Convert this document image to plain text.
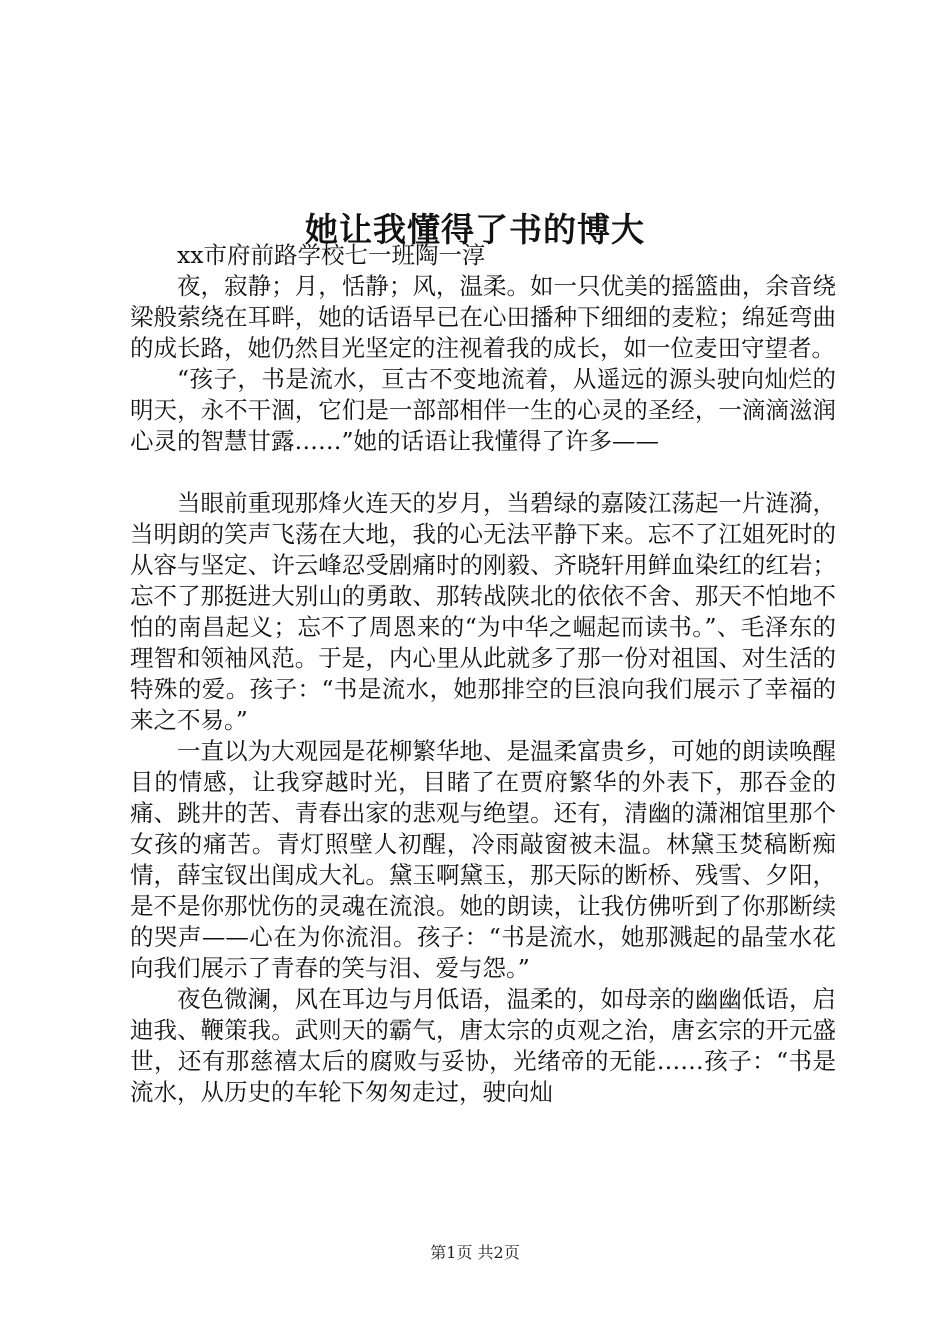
她让我懂得了书的博大

xx市府前路学校七一班陶一淳

夜，寂静；月，恬静；风，温柔。如一只优美的摇篮曲，余音绕梁般萦绕在耳畔，她的话语早已在心田播种下细细的麦粒；绵延弯曲的成长路，她仍然目光坚定的注视着我的成长，如一位麦田守望者。

“孩子，书是流水，亘古不变地流着，从遥远的源头驶向灿烂的明天，永不干涸，它们是一部部相伴一生的心灵的圣经，一滴滴滋润心灵的智慧甘露……”她的话语让我懂得了许多——

当眼前重现那烽火连天的岁月，当碧绿的嘉陵江荡起一片涟漪，当明朗的笑声飞荡在大地，我的心无法平静下来。忘不了江姐死时的从容与坚定、许云峰忍受剧痛时的刚毅、齐晓轩用鲜血染红的红岩；忘不了那挺进大别山的勇敢、那转战陕北的依依不舍、那天不怕地不怕的南昌起义；忘不了周恩来的“为中华之崛起而读书。”、毛泽东的理智和领袖风范。于是，内心里从此就多了那一份对祖国、对生活的特殊的爱。孩子：“书是流水，她那排空的巨浪向我们展示了幸福的来之不易。”

一直以为大观园是花柳繁华地、是温柔富贵乡，可她的朗读唤醒目的情感，让我穿越时光，目睹了在贾府繁华的外表下，那吞金的痛、跳井的苦、青春出家的悲观与绝望。还有，清幽的潇湘馆里那个女孩的痛苦。青灯照壁人初醒，冷雨敲窗被未温。林黛玉焚稿断痴情，薛宝钗出闺成大礼。黛玉啊黛玉，那天际的断桥、残雪、夕阳，是不是你那忧伤的灵魂在流浪。她的朗读，让我仿佛听到了你那断续的哭声——心在为你流泪。孩子：“书是流水，她那溅起的晶莹水花向我们展示了青春的笑与泪、爱与怨。”

夜色微澜，风在耳边与月低语，温柔的，如母亲的幽幽低语，启迪我、鞭策我。武则天的霸气，唐太宗的贞观之治，唐玄宗的开元盛世，还有那慈禧太后的腐败与妥协，光绪帝的无能……孩子：“书是流水，从历史的车轮下匆匆走过，驶向灿

第1页 共2页
